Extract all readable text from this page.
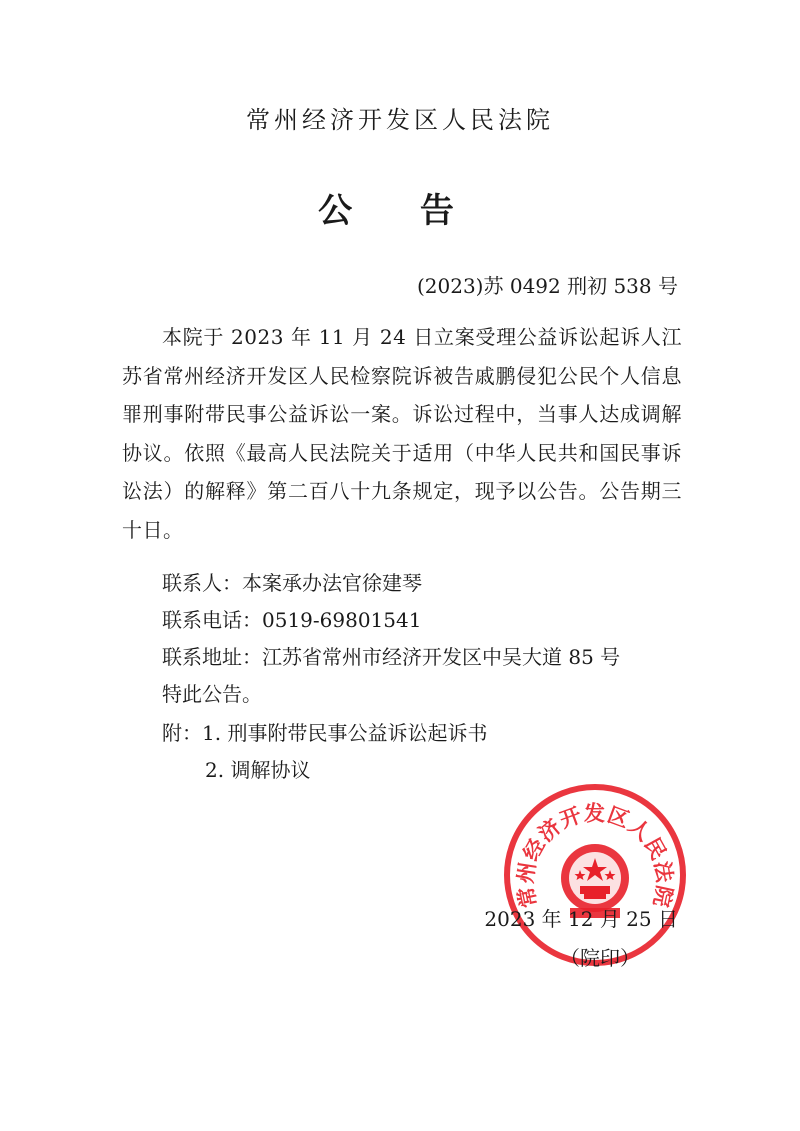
常州经济开发区人民法院
公 告
(2023)苏 0492 刑初 538 号
本院于 2023 年 11 月 24 日立案受理公益诉讼起诉人江苏省常州经济开发区人民检察院诉被告戚鹏侵犯公民个人信息罪刑事附带民事公益诉讼一案。诉讼过程中，当事人达成调解协议。依照《最高人民法院关于适用（中华人民共和国民事诉讼法）的解释》第二百八十九条规定，现予以公告。公告期三十日。
联系人：本案承办法官徐建琴
联系电话：0519-69801541
联系地址：江苏省常州市经济开发区中吴大道 85 号
特此公告。
附：1. 刑事附带民事公益诉讼起诉书
2. 调解协议
常州经济开发区人民法院
2023 年 12 月 25 日
（院印）
